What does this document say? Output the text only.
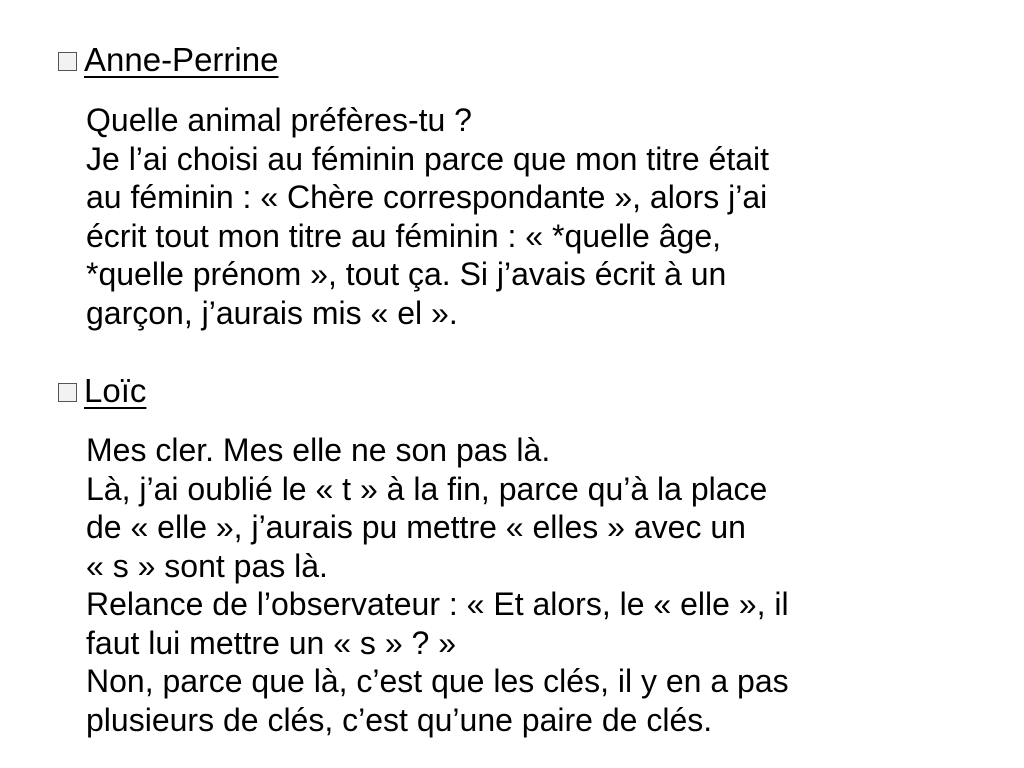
Anne-Perrine
Quelle animal préfères-tu ?
Je l’ai choisi au féminin parce que mon titre était
au féminin : « Chère correspondante », alors j’ai
écrit tout mon titre au féminin : « *quelle âge,
*quelle prénom », tout ça. Si j’avais écrit à un
garçon, j’aurais mis « el ».
Loïc
Mes cler. Mes elle ne son pas là.
Là, j’ai oublié le « t » à la fin, parce qu’à la place
de « elle », j’aurais pu mettre « elles » avec un
« s » sont pas là.
Relance de l’observateur : « Et alors, le « elle », il
faut lui mettre un « s » ? »
Non, parce que là, c’est que les clés, il y en a pas
plusieurs de clés, c’est qu’une paire de clés.
